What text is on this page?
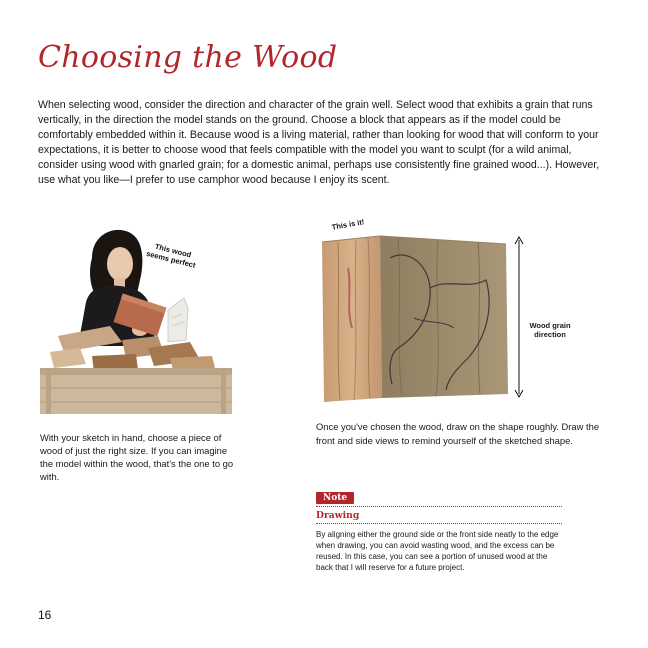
Choosing the Wood

When selecting wood, consider the direction and character of the grain well. Select wood that exhibits a grain that runs vertically, in the direction the model stands on the ground. Choose a block that appears as if the model could be comfortably embedded within it. Because wood is a living material, rather than looking for wood that will conform to your expectations, it is better to choose wood that feels compatible with the model you want to sculpt (for a wild animal, consider using wood with gnarled grain; for a domestic animal, perhaps use consistently fine grained wood...). However, use what you like—I prefer to use camphor wood because I enjoy its scent.

This wood seems perfect

With your sketch in hand, choose a piece of wood of just the right size. If you can imagine the model within the wood, that's the one to go with.

This is it!
Wood grain direction

Once you've chosen the wood, draw on the shape roughly. Draw the front and side views to remind yourself of the sketched shape.

Note
Drawing

By aligning either the ground side or the front side neatly to the edge when drawing, you can avoid wasting wood, and the excess can be reused. In this case, you can see a portion of unused wood at the back that I will reserve for a future project.

16
